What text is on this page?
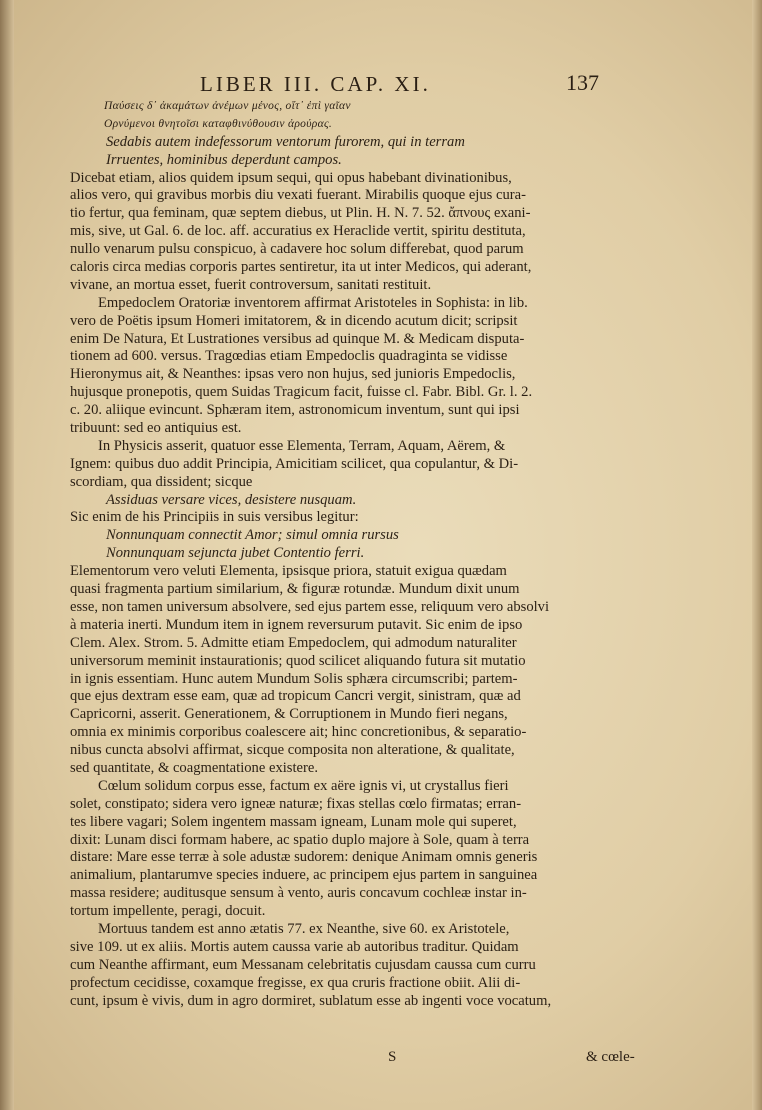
LIBER III. CAP. XI.	137
Παύσεις δ᾽ ἀκαμάτων ἀνέμων μένος, οἵτ᾽ ἐπὶ γαῖαν
Ορνύμενοι θνητοῖσι καταφθινύθουσιν ἀρούρας.
Sedabis autem indefessorum ventorum furorem, qui in terram
Irruentes, hominibus deperdunt campos.
Dicebat etiam, alios quidem ipsum sequi, qui opus habebant divinationibus,
alios vero, qui gravibus morbis diu vexati fuerant. Mirabilis quoque ejus cura-
tio fertur, qua feminam, quæ septem diebus, ut Plin. H. N. 7. 52. ἄπνους exani-
mis, sive, ut Gal. 6. de loc. aff. accuratius ex Heraclide vertit, spiritu destituta,
nullo venarum pulsu conspicuo, à cadavere hoc solum differebat, quod parum
caloris circa medias corporis partes sentiretur, ita ut inter Medicos, qui aderant,
vivane, an mortua esset, fuerit controversum, sanitati restituit.
Empedoclem Oratoriæ inventorem affirmat Aristoteles in Sophista: in lib.
vero de Poëtis ipsum Homeri imitatorem, & in dicendo acutum dicit; scripsit
enim De Natura, Et Lustrationes versibus ad quinque M. & Medicam disputa-
tionem ad 600. versus. Tragœdias etiam Empedoclis quadraginta se vidisse
Hieronymus ait, & Neanthes: ipsas vero non hujus, sed junioris Empedoclis,
hujusque pronepotis, quem Suidas Tragicum facit, fuisse cl. Fabr. Bibl. Gr. l. 2.
c. 20. aliique evincunt. Sphæram item, astronomicum inventum, sunt qui ipsi
tribuunt: sed eo antiquius est.
In Physicis asserit, quatuor esse Elementa, Terram, Aquam, Aërem, &
Ignem: quibus duo addit Principia, Amicitiam scilicet, qua copulantur, & Di-
scordiam, qua dissident; sicque
Assiduas versare vices, desistere nusquam.
Sic enim de his Principiis in suis versibus legitur:
Nonnunquam connectit Amor; simul omnia rursus
Nonnunquam sejuncta jubet Contentio ferri.
Elementorum vero veluti Elementa, ipsisque priora, statuit exigua quædam
quasi fragmenta partium similarium, & figuræ rotundæ. Mundum dixit unum
esse, non tamen universum absolvere, sed ejus partem esse, reliquum vero absolvi
à materia inerti. Mundum item in ignem reversurum putavit. Sic enim de ipso
Clem. Alex. Strom. 5. Admitte etiam Empedoclem, qui admodum naturaliter
universorum meminit instaurationis; quod scilicet aliquando futura sit mutatio
in ignis essentiam. Hunc autem Mundum Solis sphæra circumscribi; partem-
que ejus dextram esse eam, quæ ad tropicum Cancri vergit, sinistram, quæ ad
Capricorni, asserit. Generationem, & Corruptionem in Mundo fieri negans,
omnia ex minimis corporibus coalescere ait; hinc concretionibus, & separatio-
nibus cuncta absolvi affirmat, sicque composita non alteratione, & qualitate,
sed quantitate, & coagmentatione existere.
Cœlum solidum corpus esse, factum ex aëre ignis vi, ut crystallus fieri
solet, constipato; sidera vero igneæ naturæ; fixas stellas cœlo firmatas; erran-
tes libere vagari; Solem ingentem massam igneam, Lunam mole qui superet,
dixit: Lunam disci formam habere, ac spatio duplo majore à Sole, quam à terra
distare: Mare esse terræ à sole adustæ sudorem: denique Animam omnis generis
animalium, plantarumve species induere, ac principem ejus partem in sanguinea
massa residere; auditusque sensum à vento, auris concavum cochleæ instar in-
tortum impellente, peragi, docuit.
Mortuus tandem est anno ætatis 77. ex Neanthe, sive 60. ex Aristotele,
sive 109. ut ex aliis. Mortis autem caussa varie ab autoribus traditur. Quidam
cum Neanthe affirmant, eum Messanam celebritatis cujusdam caussa cum curru
profectum cecidisse, coxamque fregisse, ex qua cruris fractione obiit. Alii di-
cunt, ipsum è vivis, dum in agro dormiret, sublatum esse ab ingenti voce vocatum,
S	& cœle-
